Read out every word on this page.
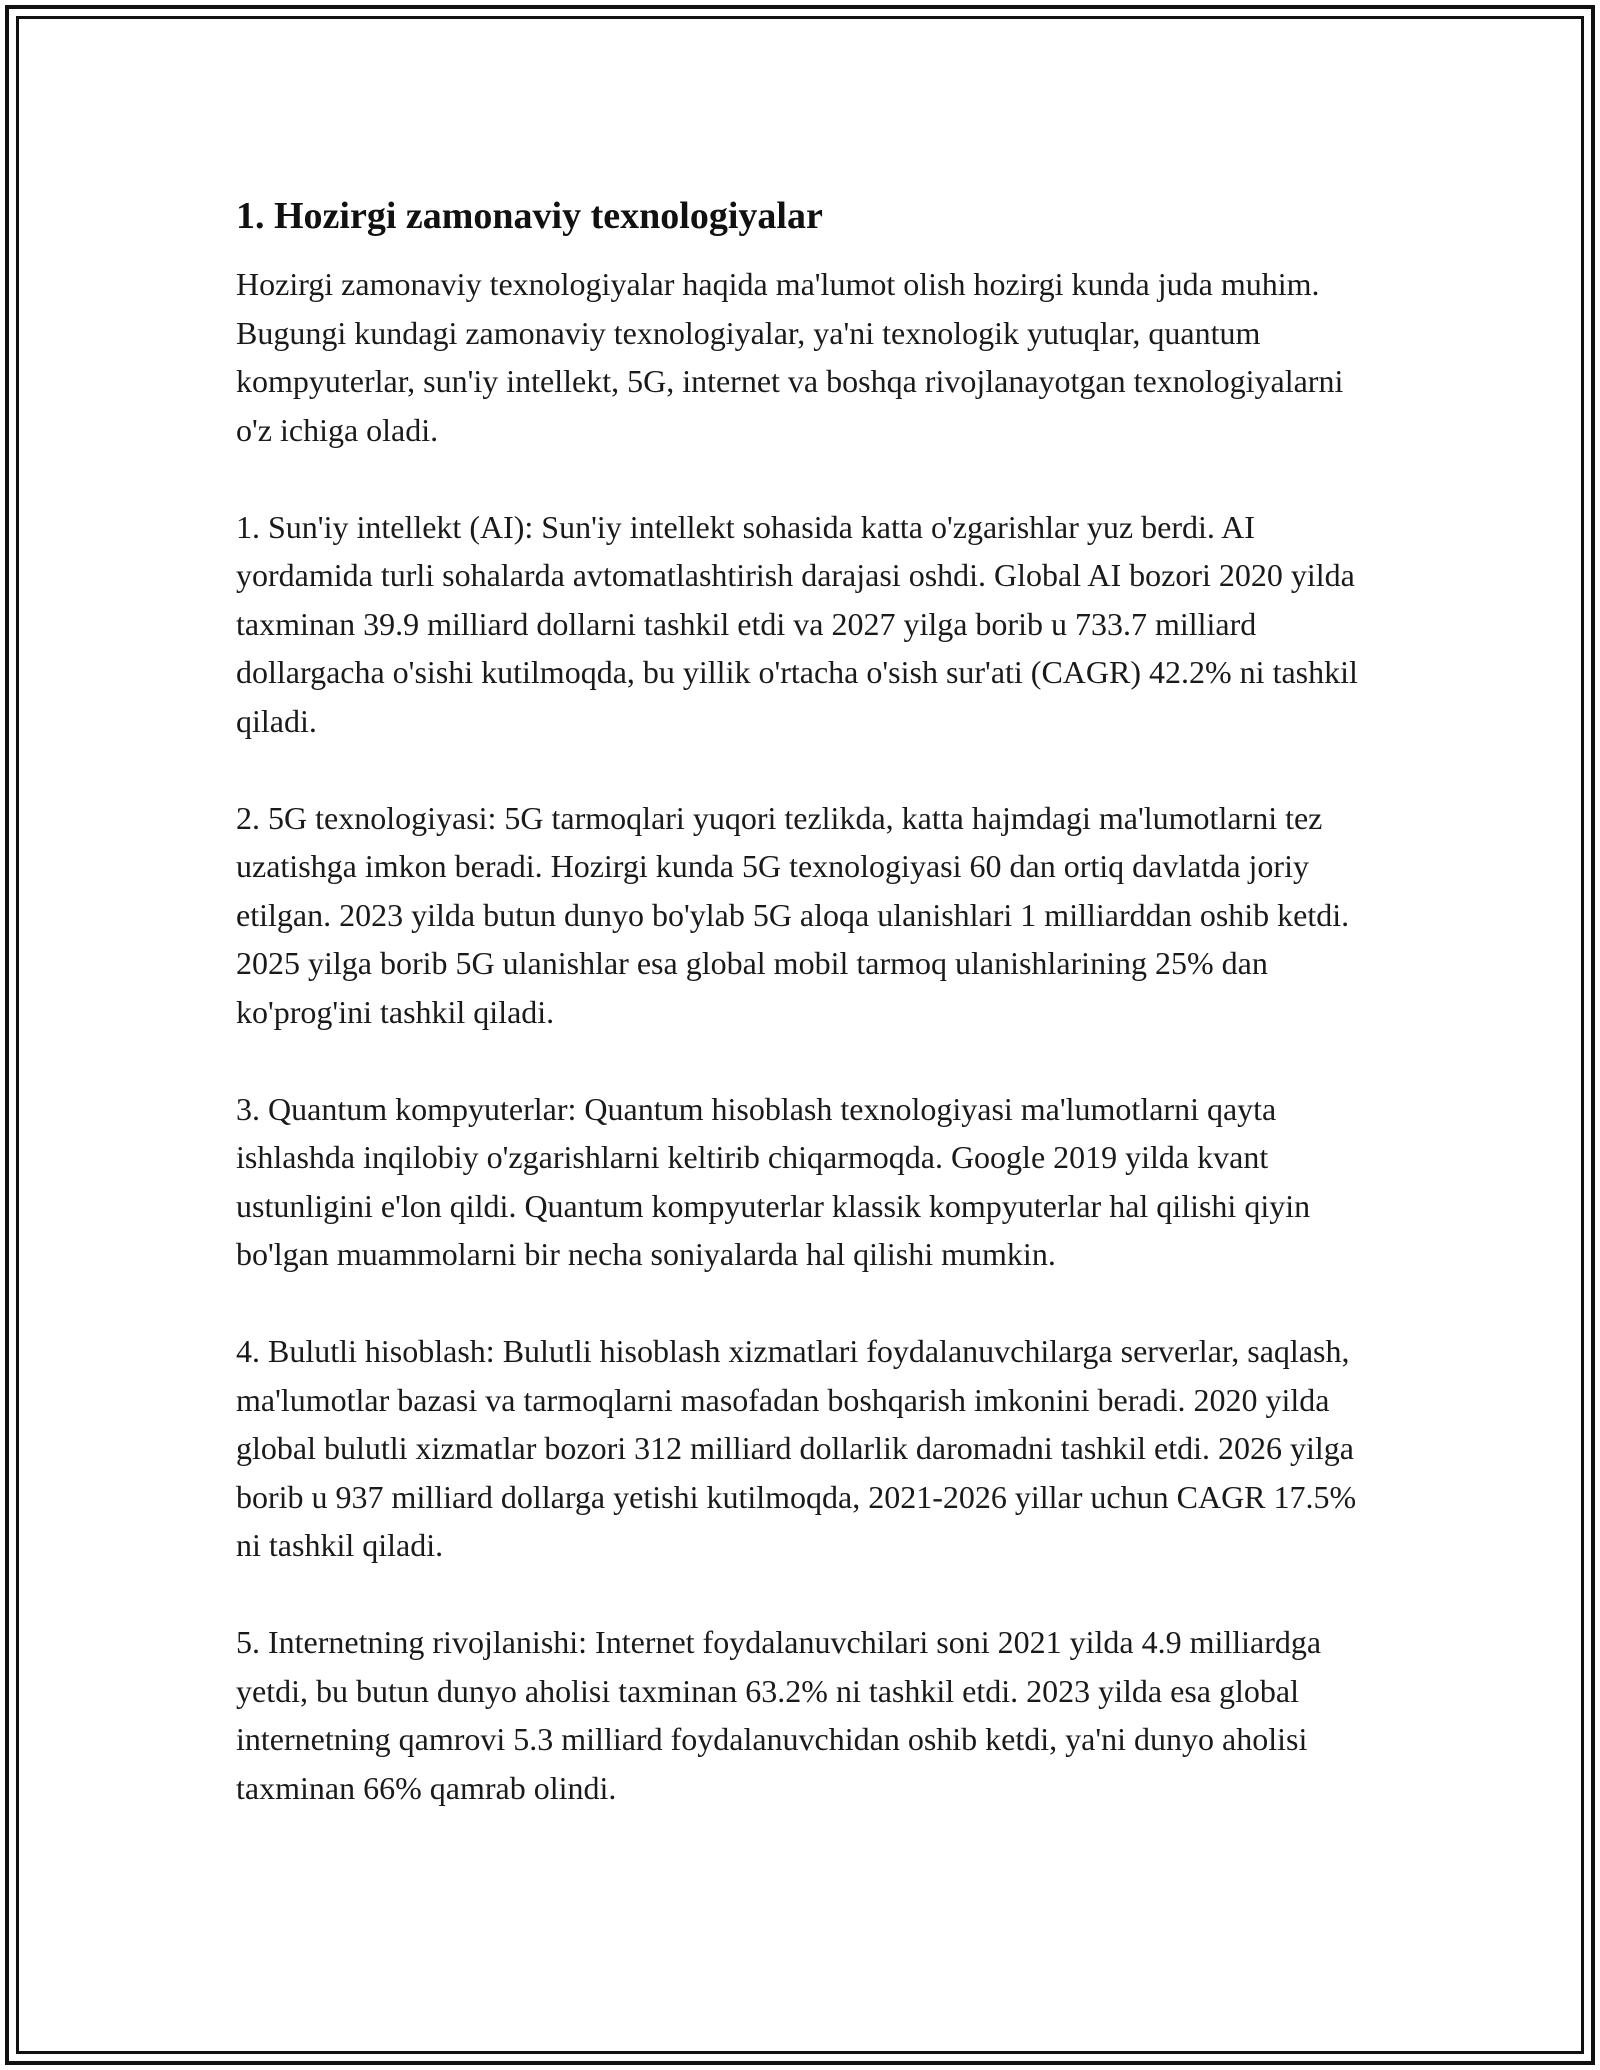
1. Hozirgi zamonaviy texnologiyalar

Hozirgi zamonaviy texnologiyalar haqida ma'lumot olish hozirgi kunda juda muhim. Bugungi kundagi zamonaviy texnologiyalar, ya'ni texnologik yutuqlar, quantum kompyuterlar, sun'iy intellekt, 5G, internet va boshqa rivojlanayotgan texnologiyalarni o'z ichiga oladi.

1. Sun'iy intellekt (AI): Sun'iy intellekt sohasida katta o'zgarishlar yuz berdi. AI yordamida turli sohalarda avtomatlashtirish darajasi oshdi. Global AI bozori 2020 yilda taxminan 39.9 milliard dollarni tashkil etdi va 2027 yilga borib u 733.7 milliard dollargacha o'sishi kutilmoqda, bu yillik o'rtacha o'sish sur'ati (CAGR) 42.2% ni tashkil qiladi.

2. 5G texnologiyasi: 5G tarmoqlari yuqori tezlikda, katta hajmdagi ma'lumotlarni tez uzatishga imkon beradi. Hozirgi kunda 5G texnologiyasi 60 dan ortiq davlatda joriy etilgan. 2023 yilda butun dunyo bo'ylab 5G aloqa ulanishlari 1 milliarddan oshib ketdi. 2025 yilga borib 5G ulanishlar esa global mobil tarmoq ulanishlarining 25% dan ko'prog'ini tashkil qiladi.

3. Quantum kompyuterlar: Quantum hisoblash texnologiyasi ma'lumotlarni qayta ishlashda inqilobiy o'zgarishlarni keltirib chiqarmoqda. Google 2019 yilda kvant ustunligini e'lon qildi. Quantum kompyuterlar klassik kompyuterlar hal qilishi qiyin bo'lgan muammolarni bir necha soniyalarda hal qilishi mumkin.

4. Bulutli hisoblash: Bulutli hisoblash xizmatlari foydalanuvchilarga serverlar, saqlash, ma'lumotlar bazasi va tarmoqlarni masofadan boshqarish imkonini beradi. 2020 yilda global bulutli xizmatlar bozori 312 milliard dollarlik daromadni tashkil etdi. 2026 yilga borib u 937 milliard dollarga yetishi kutilmoqda, 2021-2026 yillar uchun CAGR 17.5% ni tashkil qiladi.

5. Internetning rivojlanishi: Internet foydalanuvchilari soni 2021 yilda 4.9 milliardga yetdi, bu butun dunyo aholisi taxminan 63.2% ni tashkil etdi. 2023 yilda esa global internetning qamrovi 5.3 milliard foydalanuvchidan oshib ketdi, ya'ni dunyo aholisi taxminan 66% qamrab olindi.
